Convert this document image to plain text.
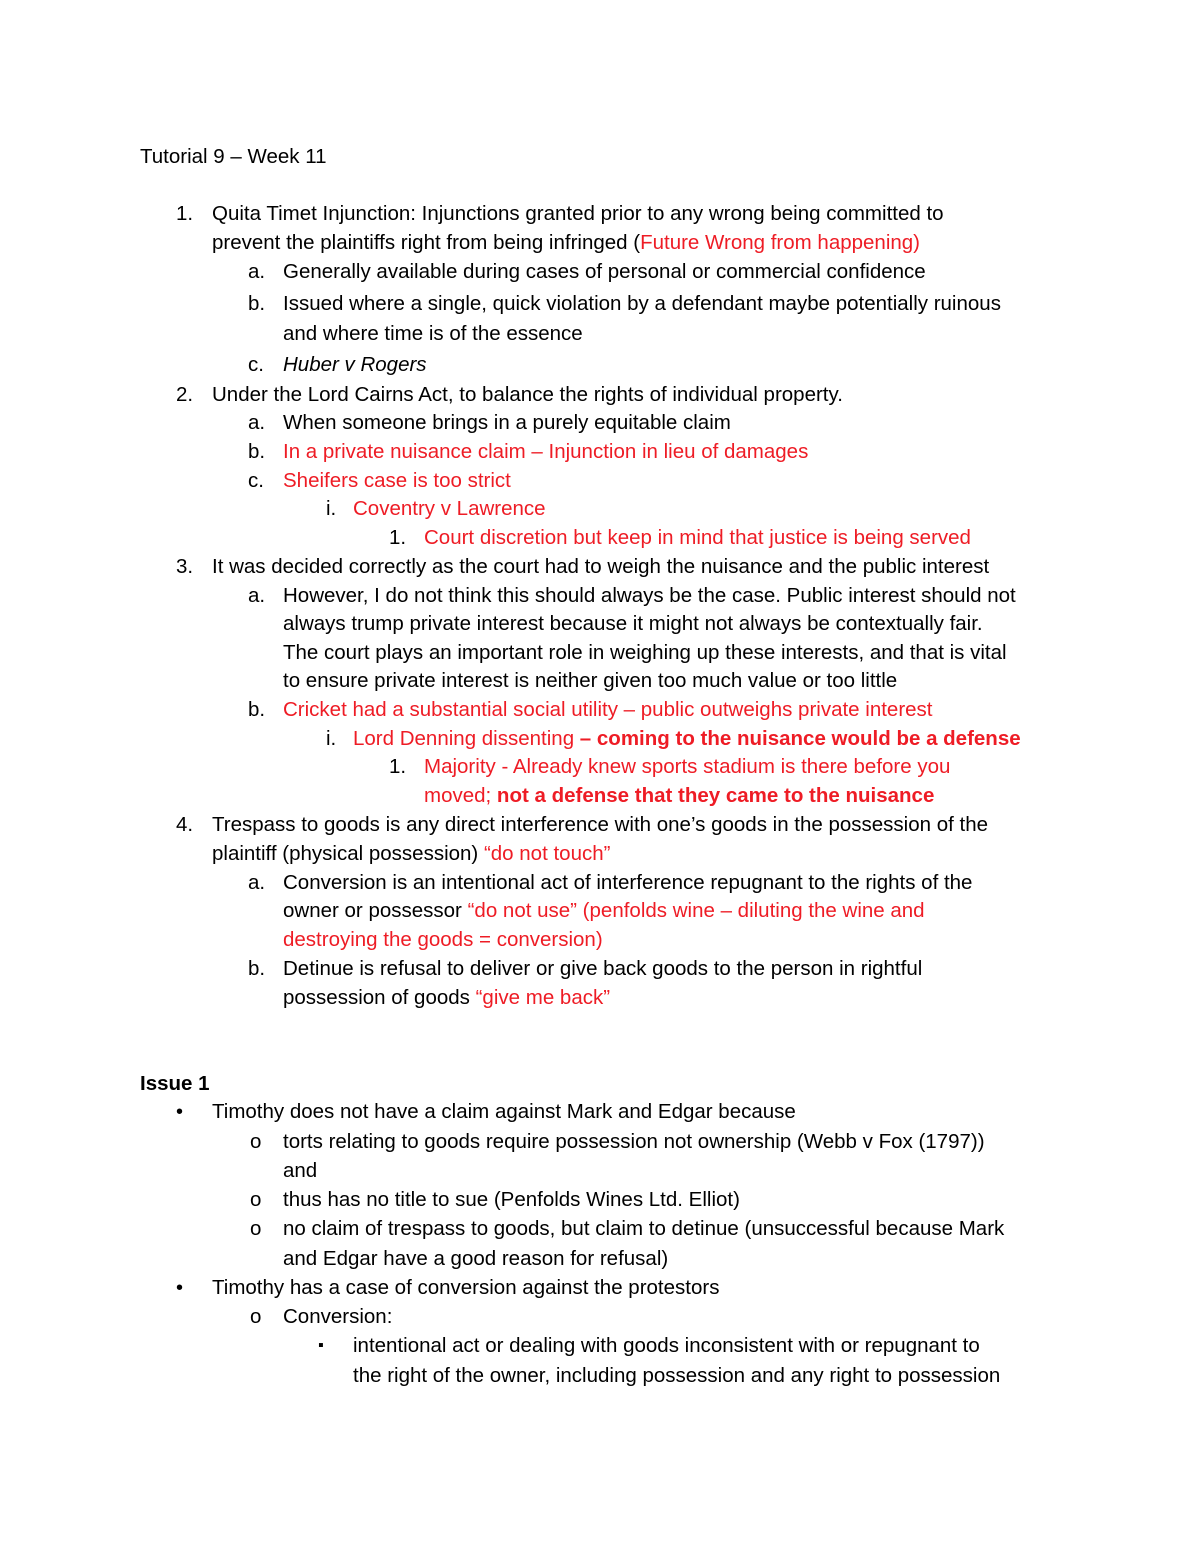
Tutorial 9 – Week 11
1. Quita Timet Injunction: Injunctions granted prior to any wrong being committed to
prevent the plaintiffs right from being infringed (Future Wrong from happening)
a. Generally available during cases of personal or commercial confidence
b. Issued where a single, quick violation by a defendant maybe potentially ruinous
and where time is of the essence
c. Huber v Rogers
2. Under the Lord Cairns Act, to balance the rights of individual property.
a. When someone brings in a purely equitable claim
b. In a private nuisance claim – Injunction in lieu of damages
c. Sheifers case is too strict
i. Coventry v Lawrence
1. Court discretion but keep in mind that justice is being served
3. It was decided correctly as the court had to weigh the nuisance and the public interest
a. However, I do not think this should always be the case. Public interest should not
always trump private interest because it might not always be contextually fair.
The court plays an important role in weighing up these interests, and that is vital
to ensure private interest is neither given too much value or too little
b. Cricket had a substantial social utility – public outweighs private interest
i. Lord Denning dissenting – coming to the nuisance would be a defense
1. Majority - Already knew sports stadium is there before you
moved; not a defense that they came to the nuisance
4. Trespass to goods is any direct interference with one’s goods in the possession of the
plaintiff (physical possession) “do not touch”
a. Conversion is an intentional act of interference repugnant to the rights of the
owner or possessor “do not use” (penfolds wine – diluting the wine and
destroying the goods = conversion)
b. Detinue is refusal to deliver or give back goods to the person in rightful
possession of goods “give me back”
Issue 1
• Timothy does not have a claim against Mark and Edgar because
o torts relating to goods require possession not ownership (Webb v Fox (1797))
and
o thus has no title to sue (Penfolds Wines Ltd. Elliot)
o no claim of trespass to goods, but claim to detinue (unsuccessful because Mark
and Edgar have a good reason for refusal)
• Timothy has a case of conversion against the protestors
o Conversion:
▪ intentional act or dealing with goods inconsistent with or repugnant to
the right of the owner, including possession and any right to possession
